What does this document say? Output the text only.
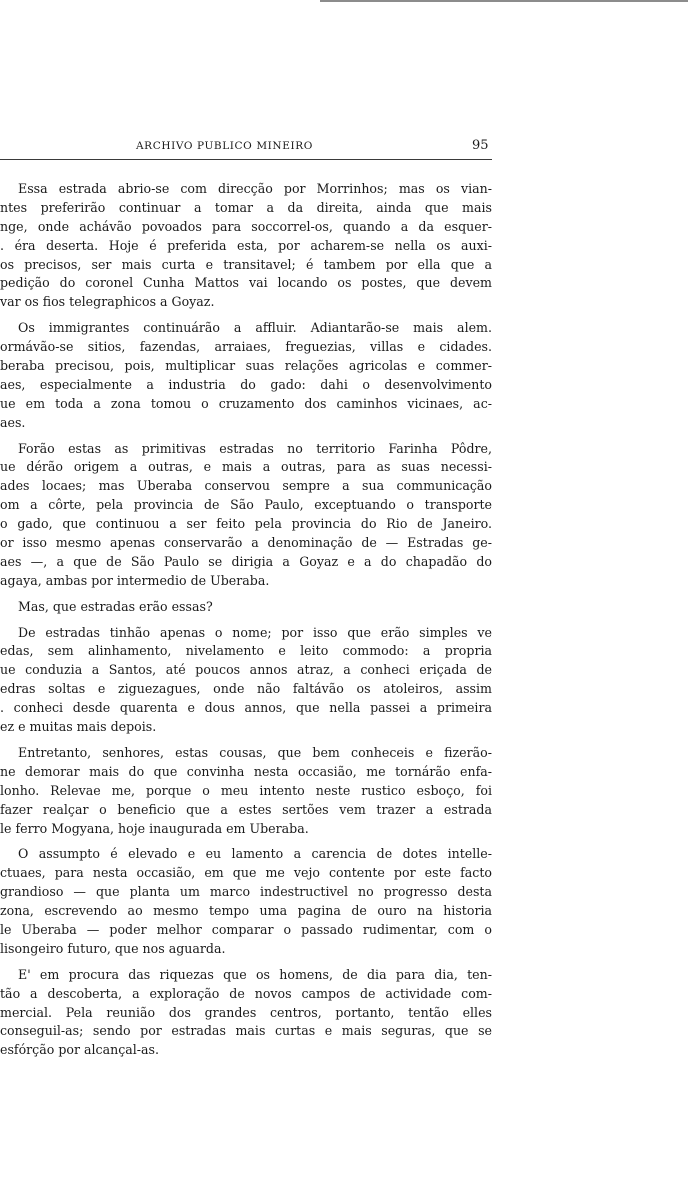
ARCHIVO PUBLICO MINEIRO	95
Essa estrada abrio-se com direcção por Morrinhos; mas os vian-
ntes preferirão continuar a tomar a da direita, ainda que mais
nge, onde achávão povoados para soccorrel-os, quando a da esquer-
. éra deserta. Hoje é preferida esta, por acharem-se nella os auxi-
os precisos, ser mais curta e transitavel; é tambem por ella que a
pedição do coronel Cunha Mattos vai locando os postes, que devem
var os fios telegraphicos a Goyaz.
Os immigrantes continuárão a affluir. Adiantarão-se mais alem.
ormávão-se sitios, fazendas, arraiaes, freguezias, villas e cidades.
beraba precisou, pois, multiplicar suas relações agricolas e commer-
aes, especialmente a industria do gado: dahi o desenvolvimento
ue em toda a zona tomou o cruzamento dos caminhos vicinaes, ac-
aes.
Forão estas as primitivas estradas no territorio Farinha Pôdre,
ue dérão origem a outras, e mais a outras, para as suas necessi-
ades locaes; mas Uberaba conservou sempre a sua communicação
om a côrte, pela provincia de São Paulo, exceptuando o transporte
o gado, que continuou a ser feito pela provincia do Rio de Janeiro.
or isso mesmo apenas conservarão a denominação de — Estradas ge-
aes —, a que de São Paulo se dirigia a Goyaz e a do chapadão do
agaya, ambas por intermedio de Uberaba.
Mas, que estradas erão essas?
De estradas tinhão apenas o nome; por isso que erão simples ve
edas, sem alinhamento, nivelamento e leito commodo: a propria
ue conduzia a Santos, até poucos annos atraz, a conheci eriçada de
edras soltas e ziguezagues, onde não faltávão os atoleiros, assim
. conheci desde quarenta e dous annos, que nella passei a primeira
ez e muitas mais depois.
Entretanto, senhores, estas cousas, que bem conheceis e fizerão-
ne demorar mais do que convinha nesta occasião, me tornárão enfa-
lonho. Relevae me, porque o meu intento neste rustico esboço, foi
fazer realçar o beneficio que a estes sertões vem trazer a estrada
le ferro Mogyana, hoje inaugurada em Uberaba.
O assumpto é elevado e eu lamento a carencia de dotes intelle-
ctuaes, para nesta occasião, em que me vejo contente por este facto
grandioso — que planta um marco indestructivel no progresso desta
zona, escrevendo ao mesmo tempo uma pagina de ouro na historia
le Uberaba — poder melhor comparar o passado rudimentar, com o
lisongeiro futuro, que nos aguarda.
E' em procura das riquezas que os homens, de dia para dia, ten-
tão a descoberta, a exploração de novos campos de actividade com-
mercial. Pela reunião dos grandes centros, portanto, tentão elles
conseguil-as; sendo por estradas mais curtas e mais seguras, que se
esfórção por alcançal-as.
